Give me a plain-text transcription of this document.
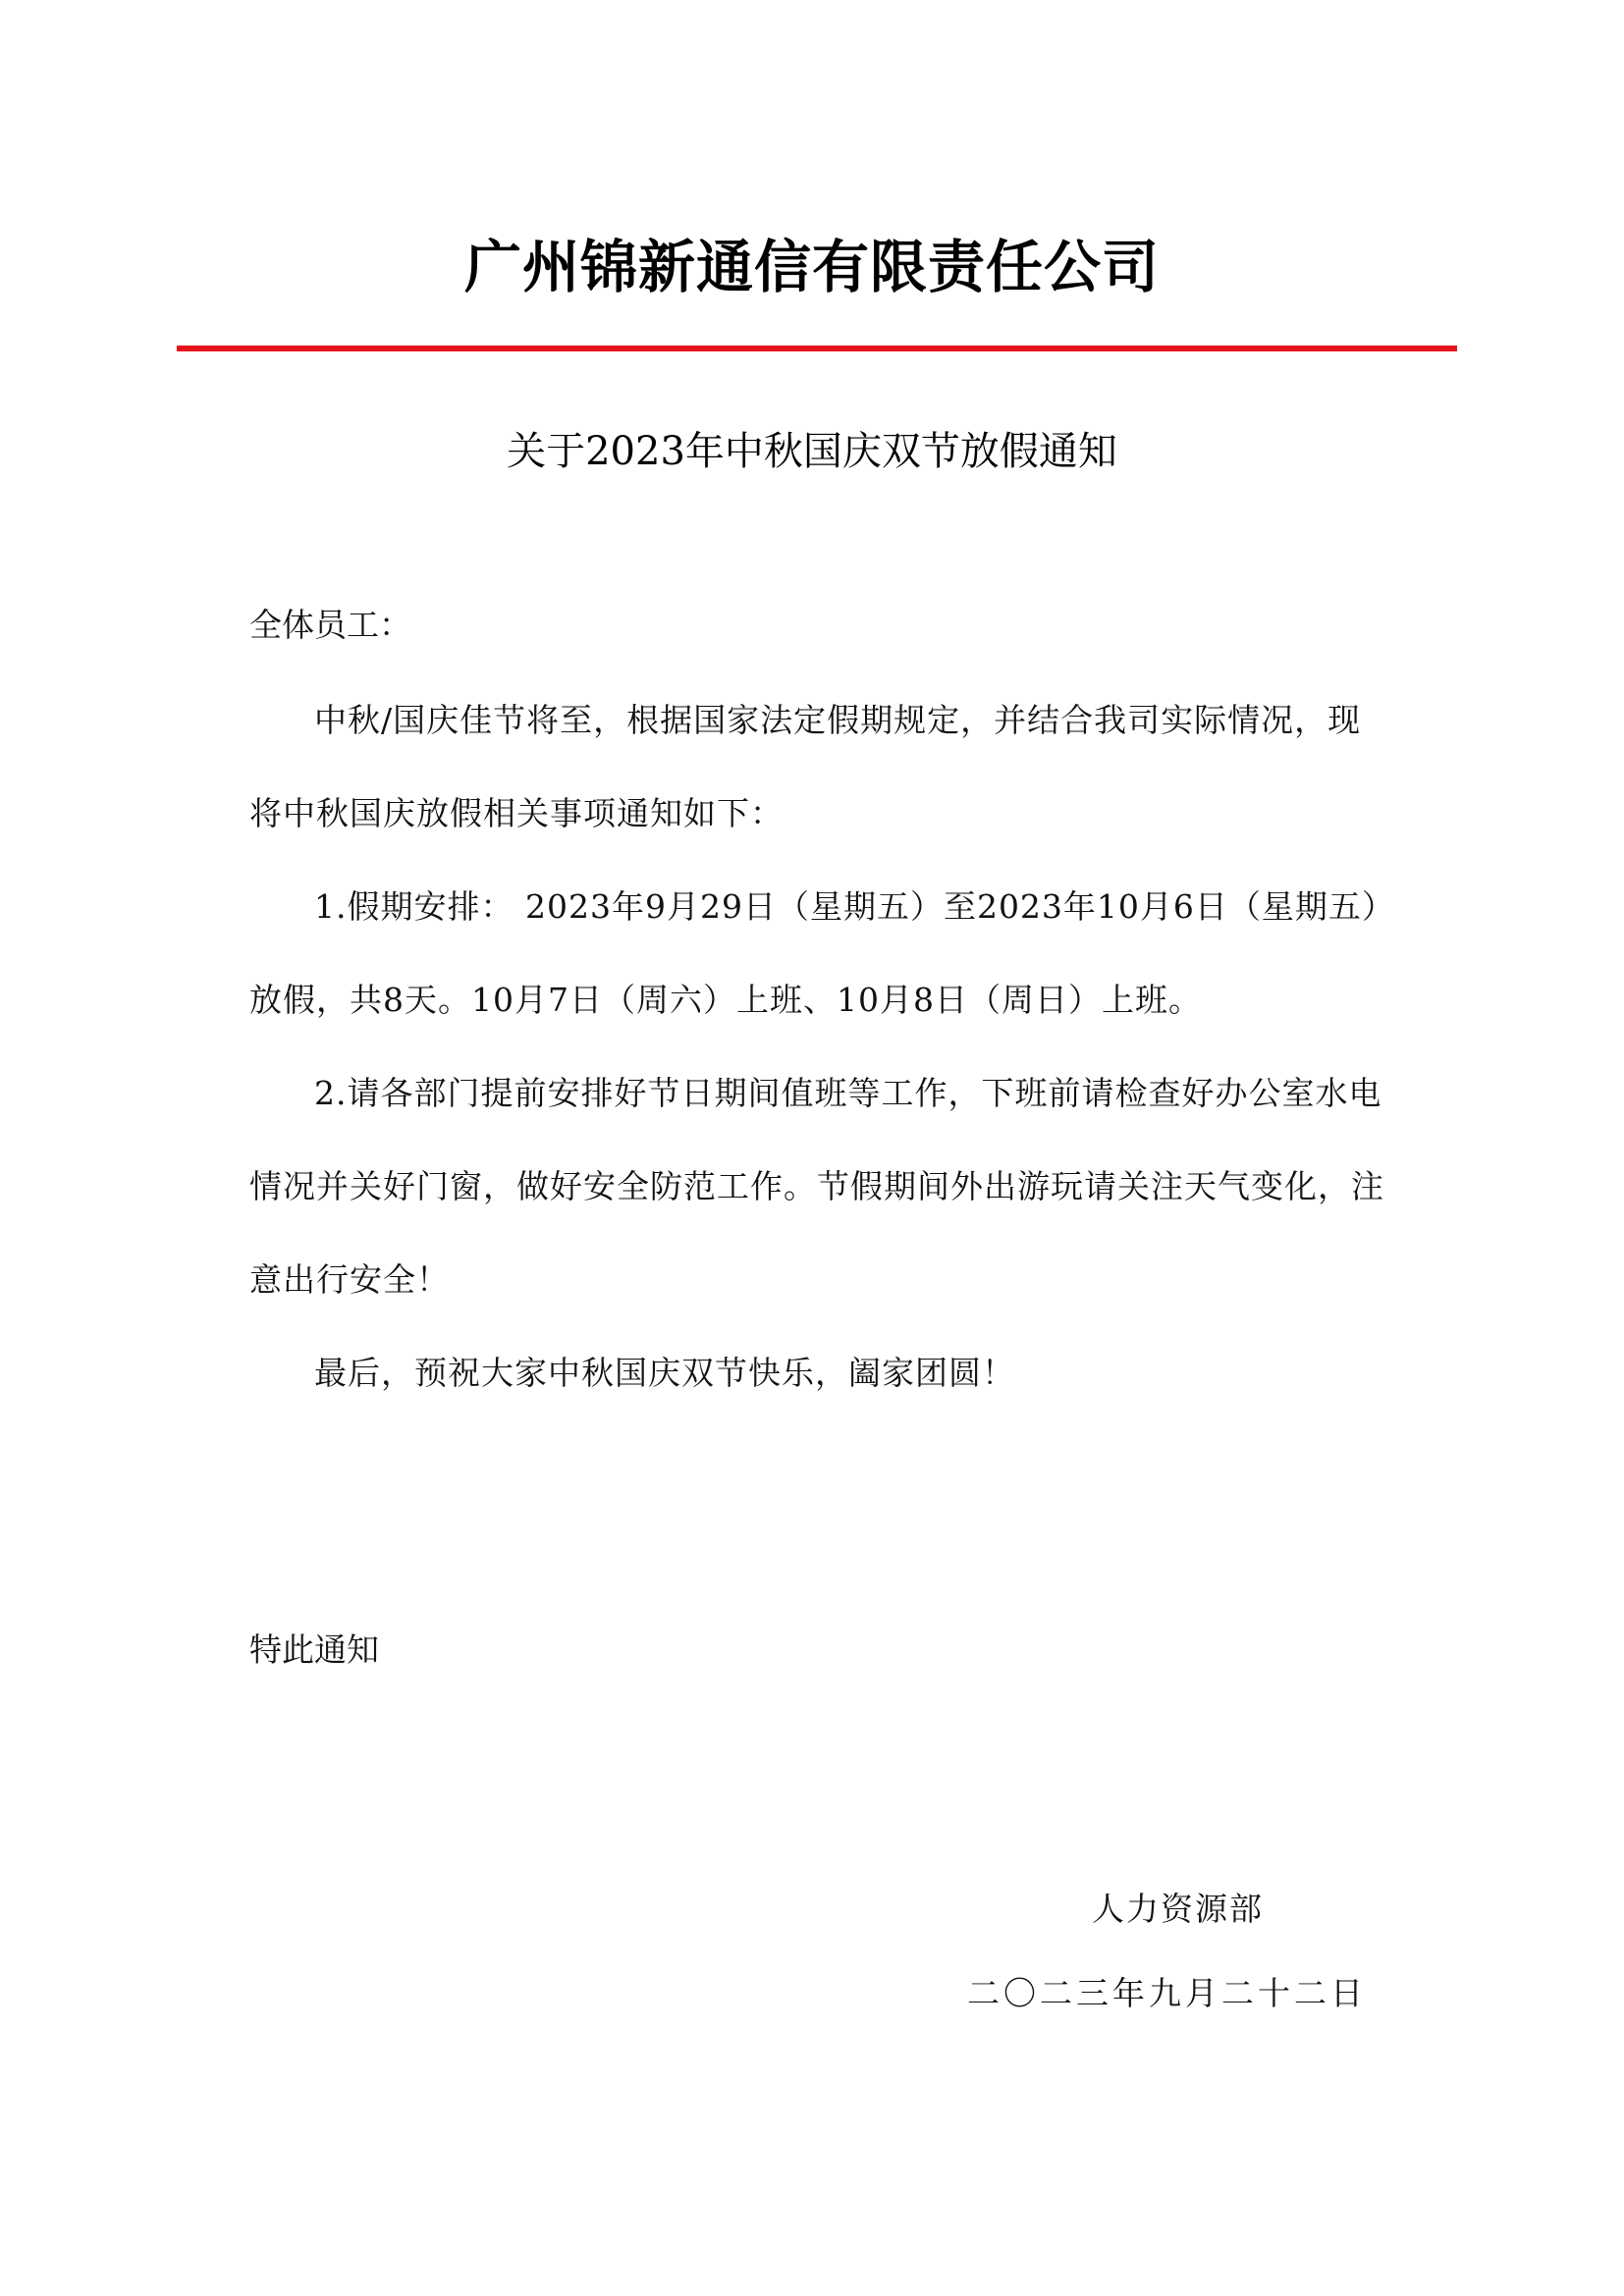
广州锦新通信有限责任公司
关于2023年中秋国庆双节放假通知
全体员工：

中秋/国庆佳节将至，根据国家法定假期规定，并结合我司实际情况，现将中秋国庆放假相关事项通知如下：

1.假期安排： 2023年9月29日（星期五）至2023年10月6日（星期五）放假，共8天。10月7日（周六）上班、10月8日（周日）上班。

2.请各部门提前安排好节日期间值班等工作，下班前请检查好办公室水电情况并关好门窗，做好安全防范工作。节假期间外出游玩请关注天气变化，注意出行安全！

最后，预祝大家中秋国庆双节快乐，阖家团圆！

特此通知
人力资源部
二〇二三年九月二十二日
